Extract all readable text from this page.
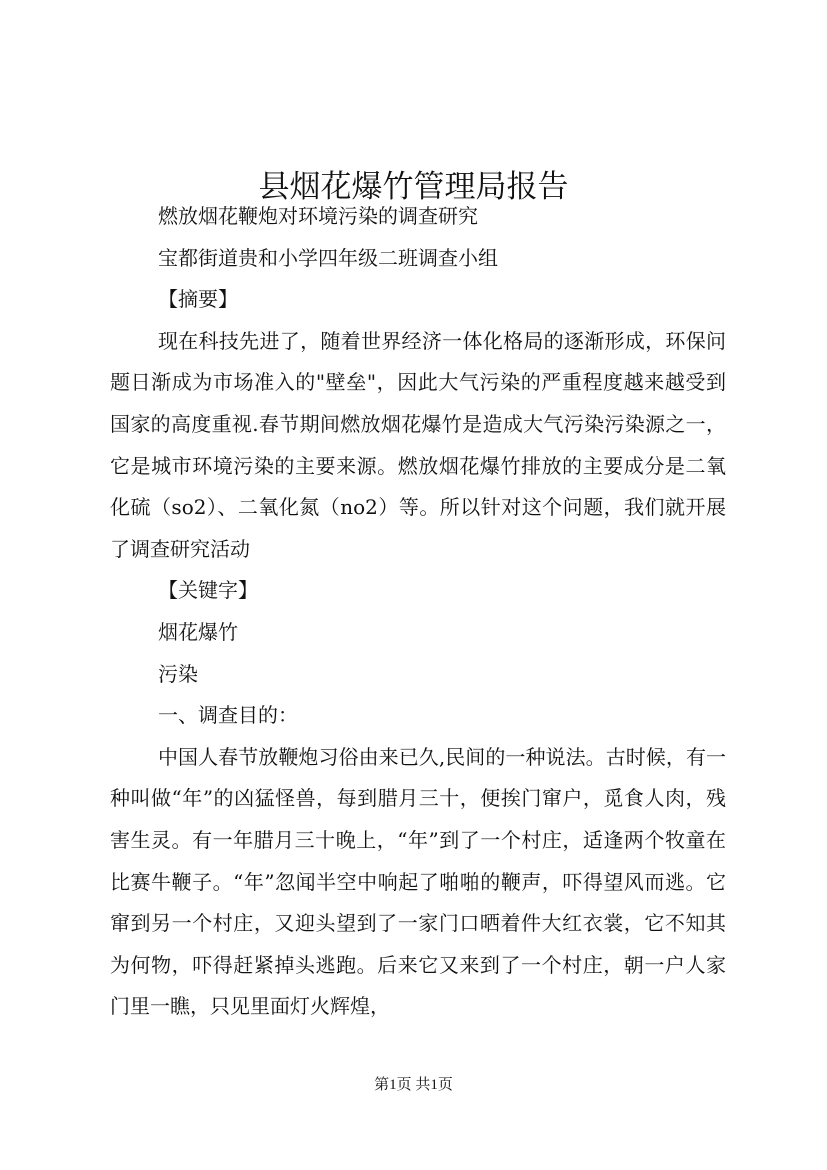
县烟花爆竹管理局报告

燃放烟花鞭炮对环境污染的调查研究

宝都街道贵和小学四年级二班调查小组

【摘要】

现在科技先进了，随着世界经济一体化格局的逐渐形成，环保问题日渐成为市场准入的"壁垒"，因此大气污染的严重程度越来越受到国家的高度重视.春节期间燃放烟花爆竹是造成大气污染污染源之一，它是城市环境污染的主要来源。燃放烟花爆竹排放的主要成分是二氧化硫（so2）、二氧化氮（no2）等。所以针对这个问题，我们就开展了调查研究活动

【关键字】

烟花爆竹

污染

一、调查目的：

中国人春节放鞭炮习俗由来已久,民间的一种说法。古时候，有一种叫做“年”的凶猛怪兽，每到腊月三十，便挨门窜户，觅食人肉，残害生灵。有一年腊月三十晚上，“年”到了一个村庄，适逢两个牧童在比赛牛鞭子。“年”忽闻半空中响起了啪啪的鞭声，吓得望风而逃。它窜到另一个村庄，又迎头望到了一家门口晒着件大红衣裳，它不知其为何物，吓得赶紧掉头逃跑。后来它又来到了一个村庄，朝一户人家门里一瞧，只见里面灯火辉煌，

第1页 共1页
